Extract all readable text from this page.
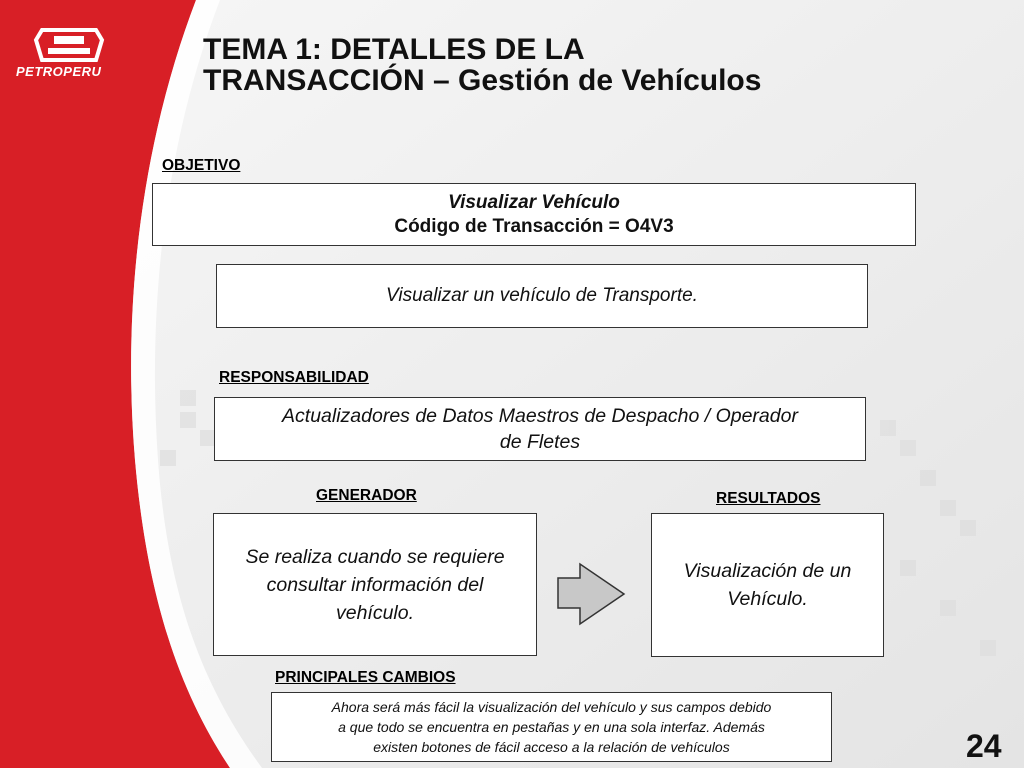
PETROPERU
TEMA 1: DETALLES DE LA
TRANSACCIÓN – Gestión de Vehículos
OBJETIVO
Visualizar Vehículo
Código de Transacción = O4V3
Visualizar un vehículo de Transporte.
RESPONSABILIDAD
Actualizadores de Datos Maestros de Despacho / Operador
de Fletes
GENERADOR
Se realiza cuando se requiere
consultar información del
vehículo.
RESULTADOS
Visualización de un
Vehículo.
PRINCIPALES CAMBIOS
Ahora será más fácil la visualización del vehículo y sus campos debido
a que todo se encuentra en pestañas y en una sola interfaz. Además
existen botones de fácil acceso a la relación de vehículos	24
